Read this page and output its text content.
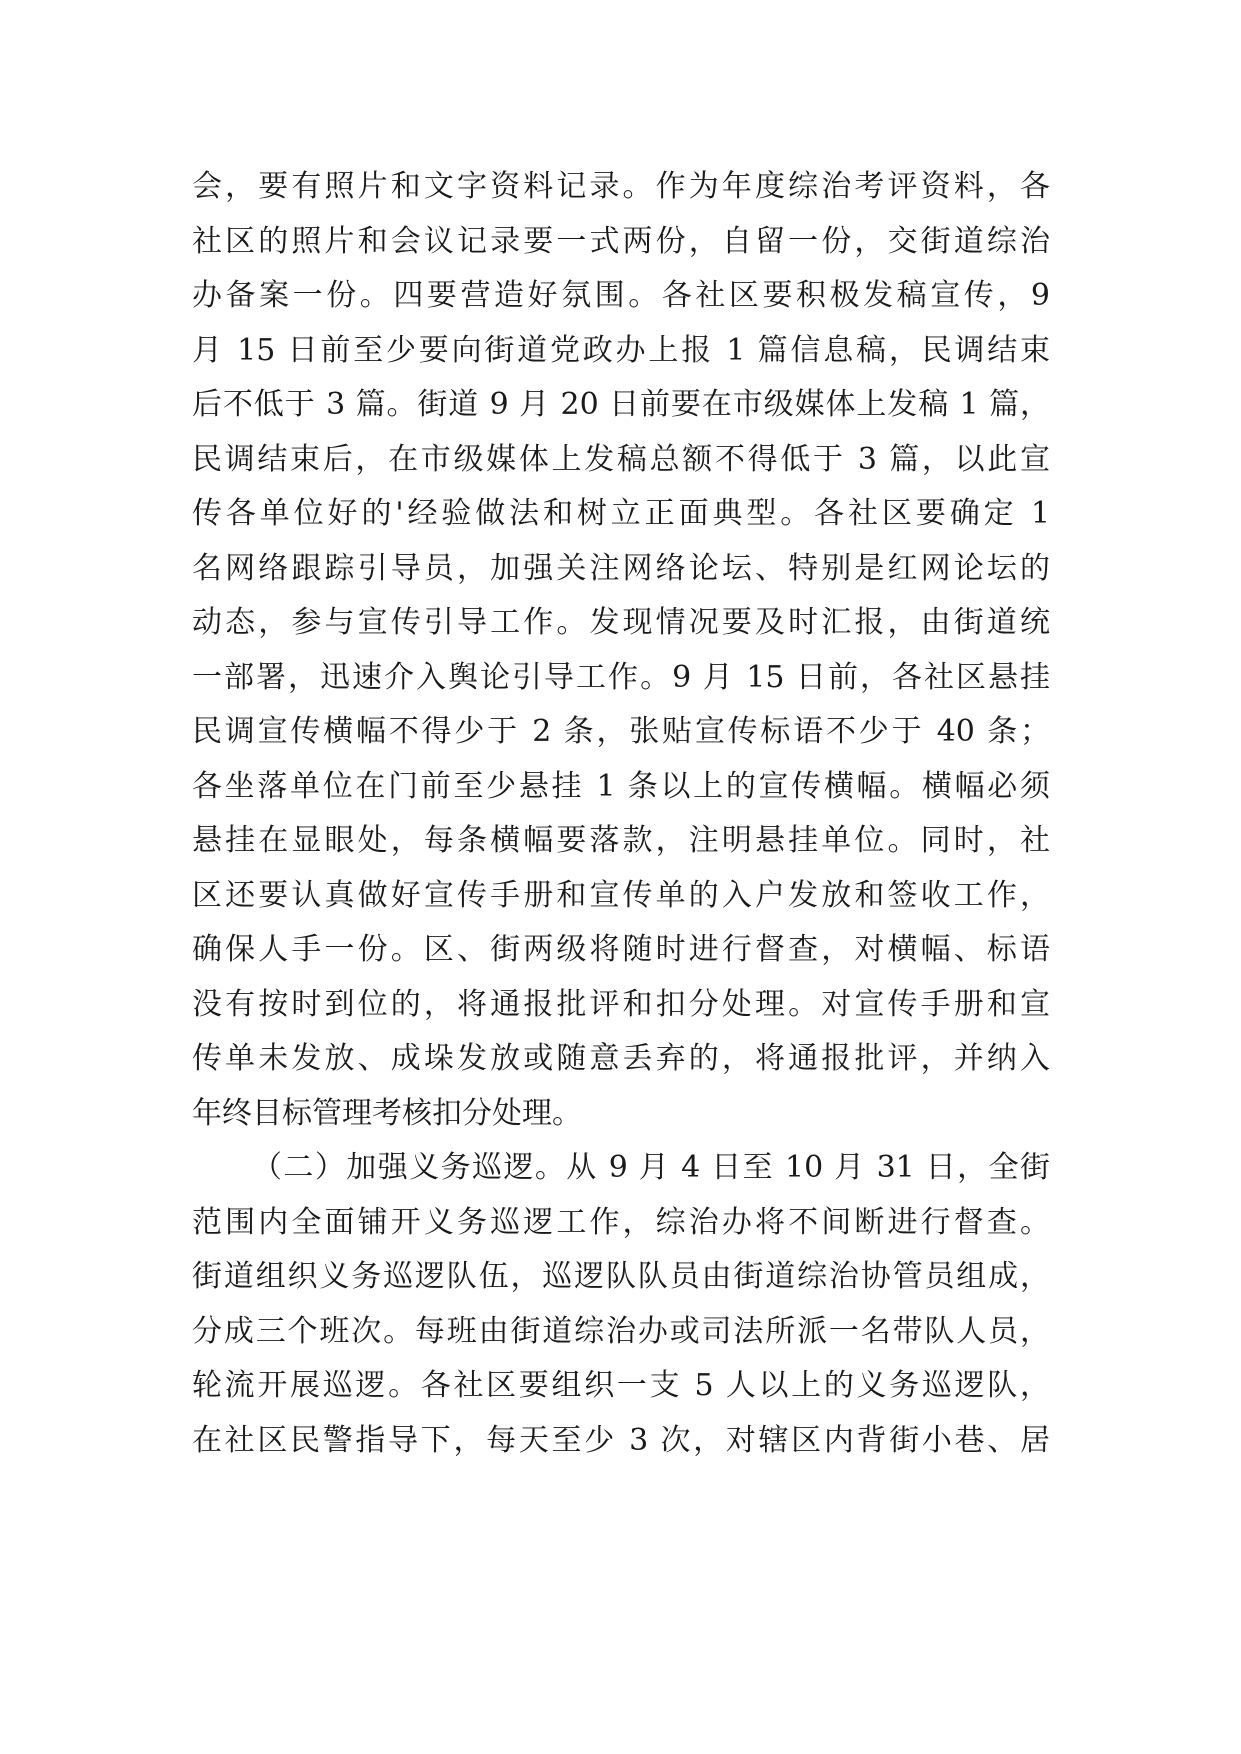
会，要有照片和文字资料记录。作为年度综治考评资料，各
社区的照片和会议记录要一式两份，自留一份，交街道综治
办备案一份。四要营造好氛围。各社区要积极发稿宣传，9
月 15 日前至少要向街道党政办上报 1 篇信息稿，民调结束
后不低于 3 篇。街道 9 月 20 日前要在市级媒体上发稿 1 篇，
民调结束后，在市级媒体上发稿总额不得低于 3 篇，以此宣
传各单位好的'经验做法和树立正面典型。各社区要确定 1
名网络跟踪引导员，加强关注网络论坛、特别是红网论坛的
动态，参与宣传引导工作。发现情况要及时汇报，由街道统
一部署，迅速介入舆论引导工作。9 月 15 日前，各社区悬挂
民调宣传横幅不得少于 2 条，张贴宣传标语不少于 40 条；
各坐落单位在门前至少悬挂 1 条以上的宣传横幅。横幅必须
悬挂在显眼处，每条横幅要落款，注明悬挂单位。同时，社
区还要认真做好宣传手册和宣传单的入户发放和签收工作，
确保人手一份。区、街两级将随时进行督查，对横幅、标语
没有按时到位的，将通报批评和扣分处理。对宣传手册和宣
传单未发放、成垛发放或随意丢弃的，将通报批评，并纳入
年终目标管理考核扣分处理。
（二）加强义务巡逻。从 9 月 4 日至 10 月 31 日，全街
范围内全面铺开义务巡逻工作，综治办将不间断进行督查。
街道组织义务巡逻队伍，巡逻队队员由街道综治协管员组成，
分成三个班次。每班由街道综治办或司法所派一名带队人员，
轮流开展巡逻。各社区要组织一支 5 人以上的义务巡逻队，
在社区民警指导下，每天至少 3 次，对辖区内背街小巷、居
